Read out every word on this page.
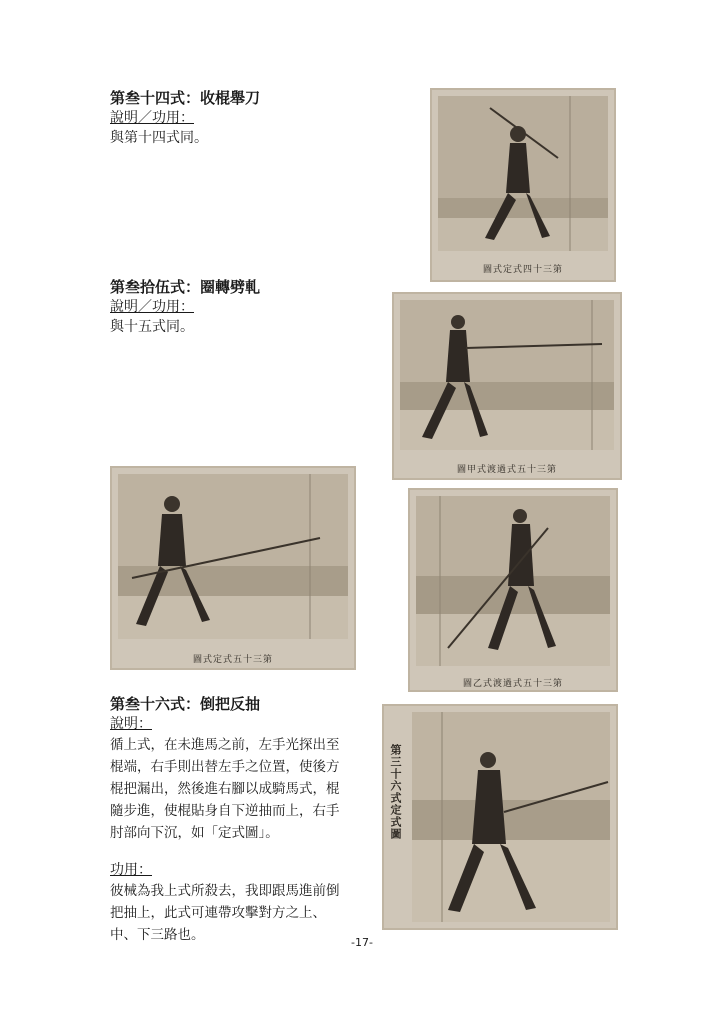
第叁十四式：收棍舉刀
說明／功用：
與第十四式同。
第叁拾伍式：圈轉劈軋
說明／功用：
與十五式同。
第叁十六式：倒把反抽
說明：
循上式，在未進馬之前，左手光探出至
棍端，右手則出替左手之位置，使後方
棍把漏出，然後進右腳以成騎馬式，棍
隨步進，使棍貼身自下逆抽而上，右手
肘部向下沉，如「定式圖」。
功用：
彼械為我上式所殺去，我即跟馬進前倒
把抽上，此式可連帶攻擊對方之上、
中、下三路也。
圖式定式四十三第
圖甲式渡過式五十三第
圖式定式五十三第
圖乙式渡過式五十三第
第三十六式定式圖
-17-
